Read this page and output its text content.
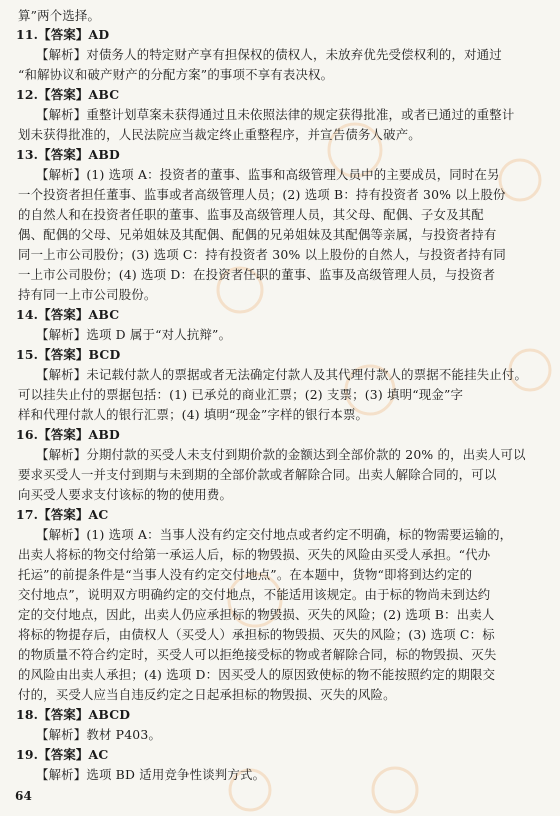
算”两个选择。
11.【答案】AD
【解析】对债务人的特定财产享有担保权的债权人，未放弃优先受偿权利的，对通过
“和解协议和破产财产的分配方案”的事项不享有表决权。
12.【答案】ABC
【解析】重整计划草案未获得通过且未依照法律的规定获得批准，或者已通过的重整计
划未获得批准的，人民法院应当裁定终止重整程序，并宣告债务人破产。
13.【答案】ABD
【解析】(1) 选项 A：投资者的董事、监事和高级管理人员中的主要成员，同时在另
一个投资者担任董事、监事或者高级管理人员；(2) 选项 B：持有投资者 30% 以上股份
的自然人和在投资者任职的董事、监事及高级管理人员，其父母、配偶、子女及其配
偶、配偶的父母、兄弟姐妹及其配偶、配偶的兄弟姐妹及其配偶等亲属，与投资者持有
同一上市公司股份；(3) 选项 C：持有投资者 30% 以上股份的自然人，与投资者持有同
一上市公司股份；(4) 选项 D：在投资者任职的董事、监事及高级管理人员，与投资者
持有同一上市公司股份。
14.【答案】ABC
【解析】选项 D 属于“对人抗辩”。
15.【答案】BCD
【解析】未记载付款人的票据或者无法确定付款人及其代理付款人的票据不能挂失止付。
可以挂失止付的票据包括：(1) 已承兑的商业汇票；(2) 支票；(3) 填明“现金”字
样和代理付款人的银行汇票；(4) 填明“现金”字样的银行本票。
16.【答案】ABD
【解析】分期付款的买受人未支付到期价款的金额达到全部价款的 20% 的，出卖人可以
要求买受人一并支付到期与未到期的全部价款或者解除合同。出卖人解除合同的，可以
向买受人要求支付该标的物的使用费。
17.【答案】AC
【解析】(1) 选项 A：当事人没有约定交付地点或者约定不明确，标的物需要运输的，
出卖人将标的物交付给第一承运人后，标的物毁损、灭失的风险由买受人承担。“代办
托运”的前提条件是“当事人没有约定交付地点”。在本题中，货物“即将到达约定的
交付地点”，说明双方明确约定的交付地点，不能适用该规定。由于标的物尚未到达约
定的交付地点，因此，出卖人仍应承担标的物毁损、灭失的风险；(2) 选项 B：出卖人
将标的物提存后，由债权人（买受人）承担标的物毁损、灭失的风险；(3) 选项 C：标
的物质量不符合约定时，买受人可以拒绝接受标的物或者解除合同，标的物毁损、灭失
的风险由出卖人承担；(4) 选项 D：因买受人的原因致使标的物不能按照约定的期限交
付的，买受人应当自违反约定之日起承担标的物毁损、灭失的风险。
18.【答案】ABCD
【解析】教材 P403。
19.【答案】AC
【解析】选项 BD 适用竞争性谈判方式。
64
